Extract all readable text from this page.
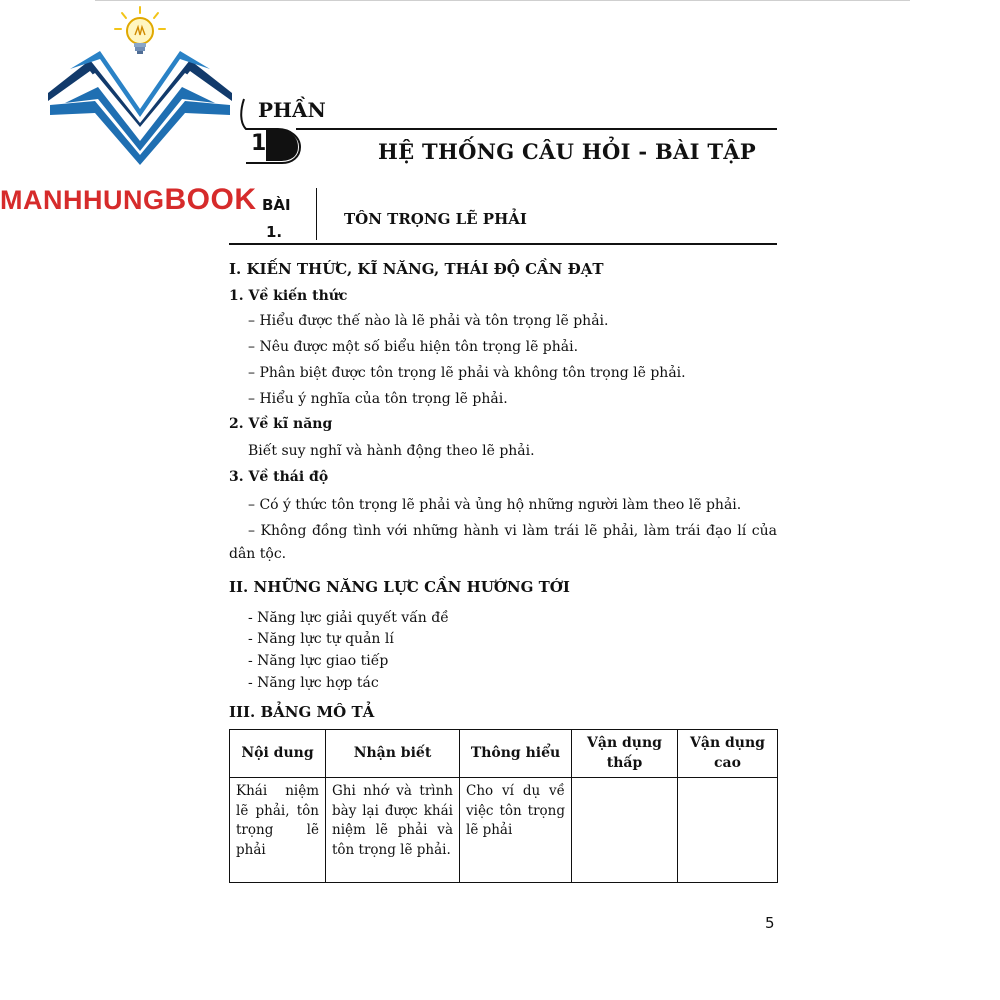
MANHHUNGBOOK
PHẦN
1	HỆ THỐNG CÂU HỎI - BÀI TẬP
BÀI
1.
TÔN TRỌNG LẼ PHẢI
I. KIẾN THỨC, KĨ NĂNG, THÁI ĐỘ CẦN ĐẠT
1. Về kiến thức
– Hiểu được thế nào là lẽ phải và tôn trọng lẽ phải.
– Nêu được một số biểu hiện tôn trọng lẽ phải.
– Phân biệt được tôn trọng lẽ phải và không tôn trọng lẽ phải.
– Hiểu ý nghĩa của tôn trọng lẽ phải.
2. Về kĩ năng
Biết suy nghĩ và hành động theo lẽ phải.
3. Về thái độ
– Có ý thức tôn trọng lẽ phải và ủng hộ những người làm theo lẽ phải.
– Không đồng tình với những hành vi làm trái lẽ phải, làm trái đạo lí của
dân tộc.
II. NHỮNG NĂNG LỰC CẦN HƯỚNG TỚI
- Năng lực giải quyết vấn đề
- Năng lực tự quản lí
- Năng lực giao tiếp
- Năng lực hợp tác
III. BẢNG MÔ TẢ
Nội dung	Nhận biết	Thông hiểu	Vận dụng thấp	Vận dụng cao
Khái niệm lẽ phải, tôn trọng lẽ phải	Ghi nhớ và trình bày lại được khái niệm lẽ phải và tôn trọng lẽ phải.	Cho ví dụ về việc tôn trọng lẽ phải		
5
